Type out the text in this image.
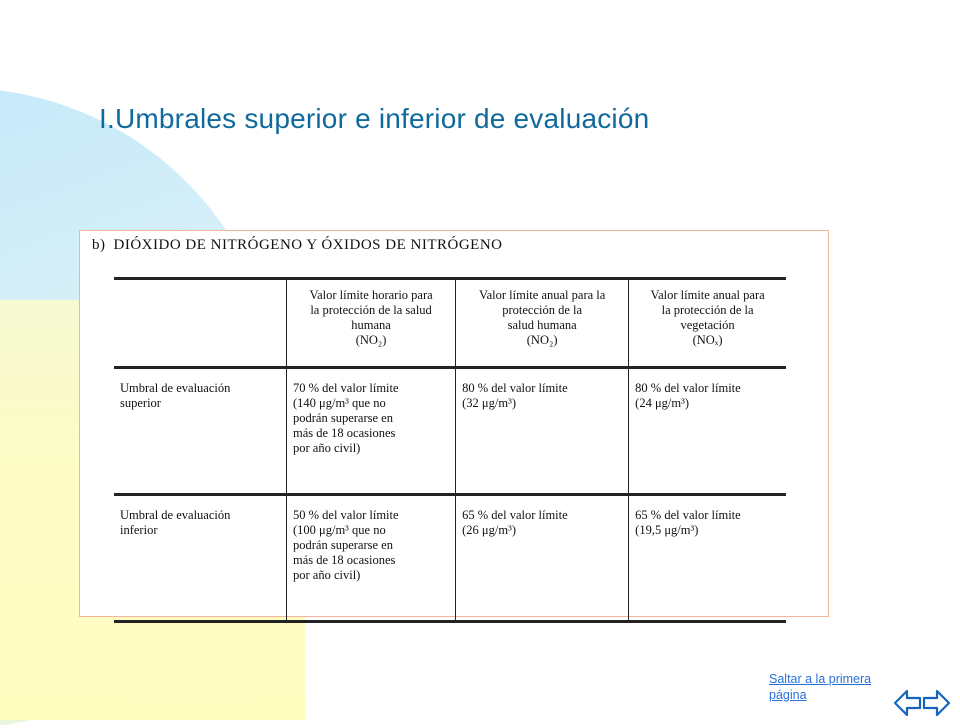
I.Umbrales superior e inferior de evaluación
b) DIÓXIDO DE NITRÓGENO Y ÓXIDOS DE NITRÓGENO
	Valor límite horario para
la protección de la salud
humana
(NO₂)	Valor límite anual para la
protección de la
salud humana
(NO₂)	Valor límite anual para
la protección de la
vegetación
(NOₓ)
Umbral de evaluación
superior	70 % del valor límite
(140 μg/m³ que no
podrán superarse en
más de 18 ocasiones
por año civil)	80 % del valor límite
(32 μg/m³)	80 % del valor límite
(24 μg/m³)
Umbral de evaluación
inferior	50 % del valor límite
(100 μg/m³ que no
podrán superarse en
más de 18 ocasiones
por año civil)	65 % del valor límite
(26 μg/m³)	65 % del valor límite
(19,5 μg/m³)
Saltar a la primera página
